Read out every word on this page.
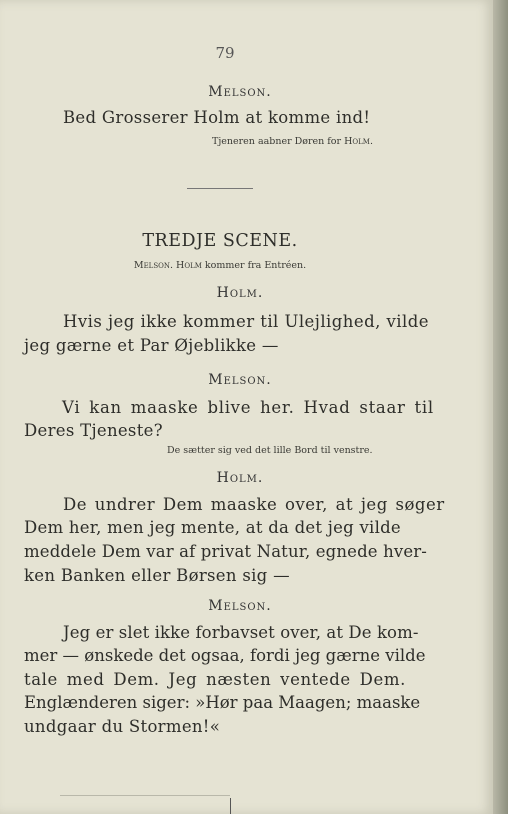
79
Melson.
Bed Grosserer Holm at komme ind!
Tjeneren aabner Døren for Holm.
TREDJE SCENE.
Melson. Holm kommer fra Entréen.
Holm.
Hvis jeg ikke kommer til Ulejlighed, vilde
jeg gærne et Par Øjeblikke —
Melson.
Vi kan maaske blive her. Hvad staar til
Deres Tjeneste?
De sætter sig ved det lille Bord til venstre.
Holm.
De undrer Dem maaske over, at jeg søger
Dem her, men jeg mente, at da det jeg vilde
meddele Dem var af privat Natur, egnede hver-
ken Banken eller Børsen sig —
Melson.
Jeg er slet ikke forbavset over, at De kom-
mer — ønskede det ogsaa, fordi jeg gærne vilde
tale med Dem. Jeg næsten ventede Dem.
Englænderen siger: »Hør paa Maagen; maaske
undgaar du Stormen!«
